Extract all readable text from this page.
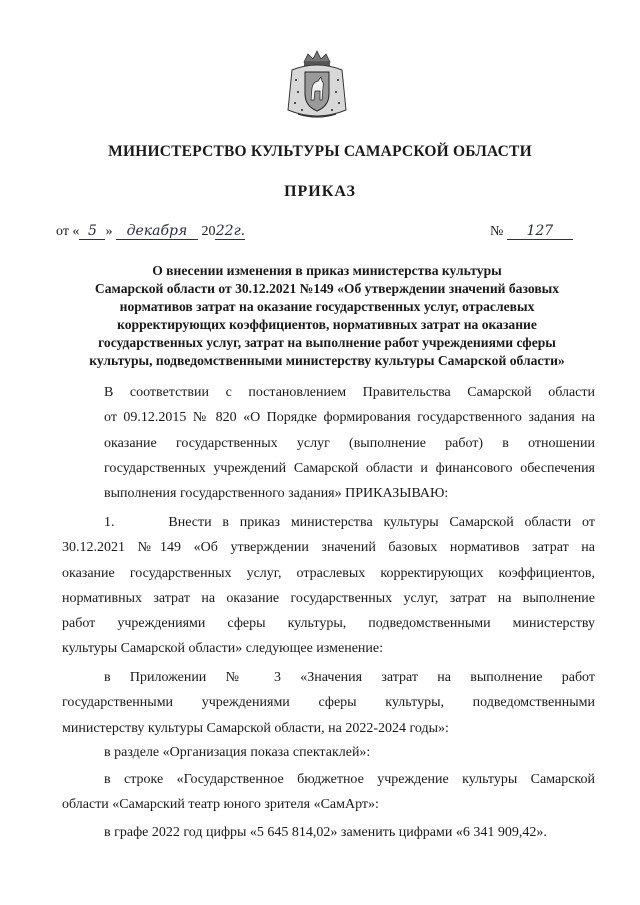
МИНИСТЕРСТВО КУЛЬТУРЫ САМАРСКОЙ ОБЛАСТИ
ПРИКАЗ
от « 5 » декабря 2022г.	№ 127
О внесении изменения в приказ министерства культуры
Самарской области от 30.12.2021 №149 «Об утверждении значений базовых
нормативов затрат на оказание государственных услуг, отраслевых
корректирующих коэффициентов, нормативных затрат на оказание
государственных услуг, затрат на выполнение работ учреждениями сферы
культуры, подведомственными министерству культуры Самарской области»
В соответствии с постановлением Правительства Самарской области
от 09.12.2015 № 820 «О Порядке формирования государственного задания на
оказание государственных услуг (выполнение работ) в отношении
государственных учреждений Самарской области и финансового обеспечения
выполнения государственного задания» ПРИКАЗЫВАЮ:
1.     Внести в приказ министерства культуры Самарской области от
30.12.2021 №149 «Об утверждении значений базовых нормативов затрат на
оказание государственных услуг, отраслевых корректирующих коэффициентов,
нормативных затрат на оказание государственных услуг, затрат на выполнение
работ учреждениями сферы культуры, подведомственными министерству
культуры Самарской области» следующее изменение:
в Приложении № 3 «Значения затрат на выполнение работ
государственными учреждениями сферы культуры, подведомственными
министерству культуры Самарской области, на 2022-2024 годы»:
в разделе «Организация показа спектаклей»:
в строке «Государственное бюджетное учреждение культуры Самарской
области «Самарский театр юного зрителя «СамАрт»:
в графе 2022 год цифры «5 645 814,02» заменить цифрами «6 341 909,42».
